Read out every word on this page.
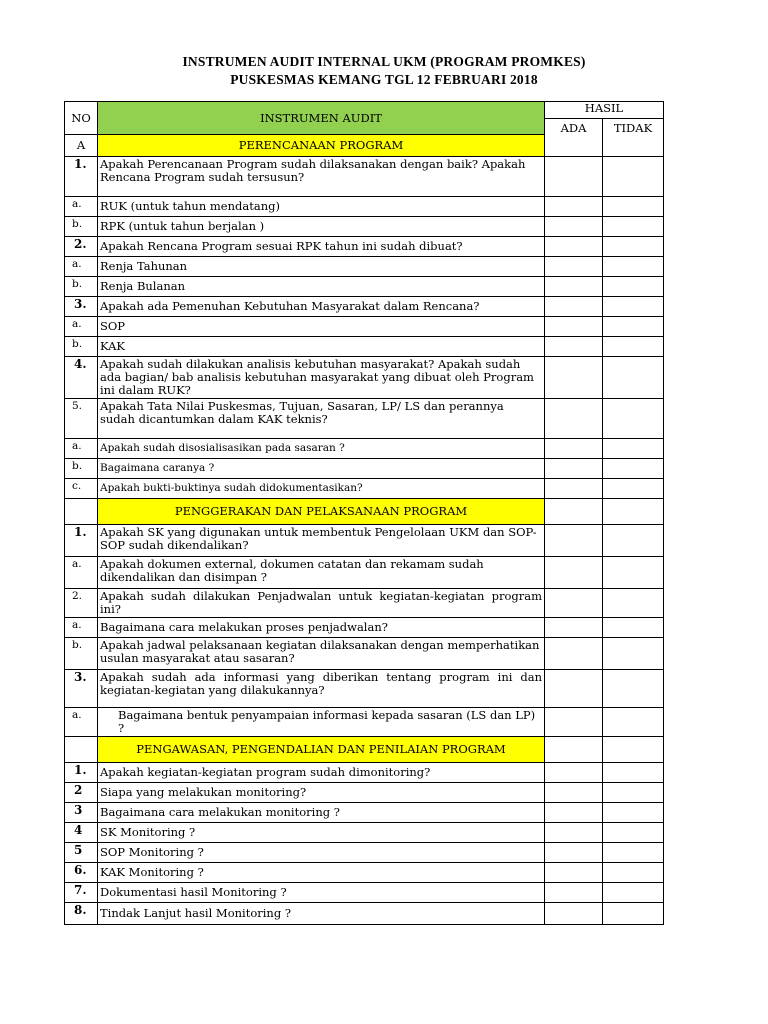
INSTRUMEN AUDIT INTERNAL UKM (PROGRAM PROMKES)
PUSKESMAS KEMANG TGL 12 FEBRUARI 2018
NO	INSTRUMEN AUDIT	HASIL	
		ADA	TIDAK
A	PERENCANAAN PROGRAM		
1.	Apakah Perencanaan Program sudah dilaksanakan dengan baik? Apakah Rencana Program sudah tersusun?		
a.	RUK (untuk tahun mendatang)		
b.	RPK (untuk tahun berjalan )		
2.	Apakah Rencana Program sesuai RPK tahun ini sudah dibuat?		
a.	Renja Tahunan		
b.	Renja Bulanan		
3.	Apakah ada Pemenuhan Kebutuhan Masyarakat dalam Rencana?		
a.	SOP		
b.	KAK		
4.	Apakah sudah dilakukan analisis kebutuhan masyarakat? Apakah sudah ada bagian/ bab analisis kebutuhan masyarakat yang dibuat oleh Program ini dalam RUK?		
5.	Apakah Tata Nilai Puskesmas, Tujuan, Sasaran, LP/ LS dan perannya sudah dicantumkan dalam KAK teknis?		
a.	Apakah sudah disosialisasikan pada sasaran ?		
b.	Bagaimana caranya ?		
c.	Apakah bukti-buktinya sudah didokumentasikan?		
	PENGGERAKAN DAN PELAKSANAAN PROGRAM		
1.	Apakah SK yang digunakan untuk membentuk Pengelolaan UKM dan SOP-SOP sudah dikendalikan?		
a.	Apakah dokumen external, dokumen catatan dan rekamam sudah dikendalikan dan disimpan ?		
2.	Apakah sudah dilakukan Penjadwalan untuk kegiatan-kegiatan program ini?		
a.	Bagaimana cara melakukan proses penjadwalan?		
b.	Apakah jadwal pelaksanaan kegiatan dilaksanakan dengan memperhatikan usulan masyarakat atau sasaran?		
3.	Apakah sudah ada informasi yang diberikan tentang program ini dan kegiatan-kegiatan yang dilakukannya?		
a.	Bagaimana bentuk penyampaian informasi kepada sasaran (LS dan LP) ?		
	PENGAWASAN, PENGENDALIAN DAN PENILAIAN PROGRAM		
1.	Apakah kegiatan-kegiatan program sudah dimonitoring?		
2	Siapa yang melakukan monitoring?		
3	Bagaimana cara melakukan monitoring ?		
4	SK Monitoring ?		
5	SOP Monitoring ?		
6.	KAK Monitoring ?		
7.	Dokumentasi hasil Monitoring ?		
8.	Tindak Lanjut hasil Monitoring ?		
